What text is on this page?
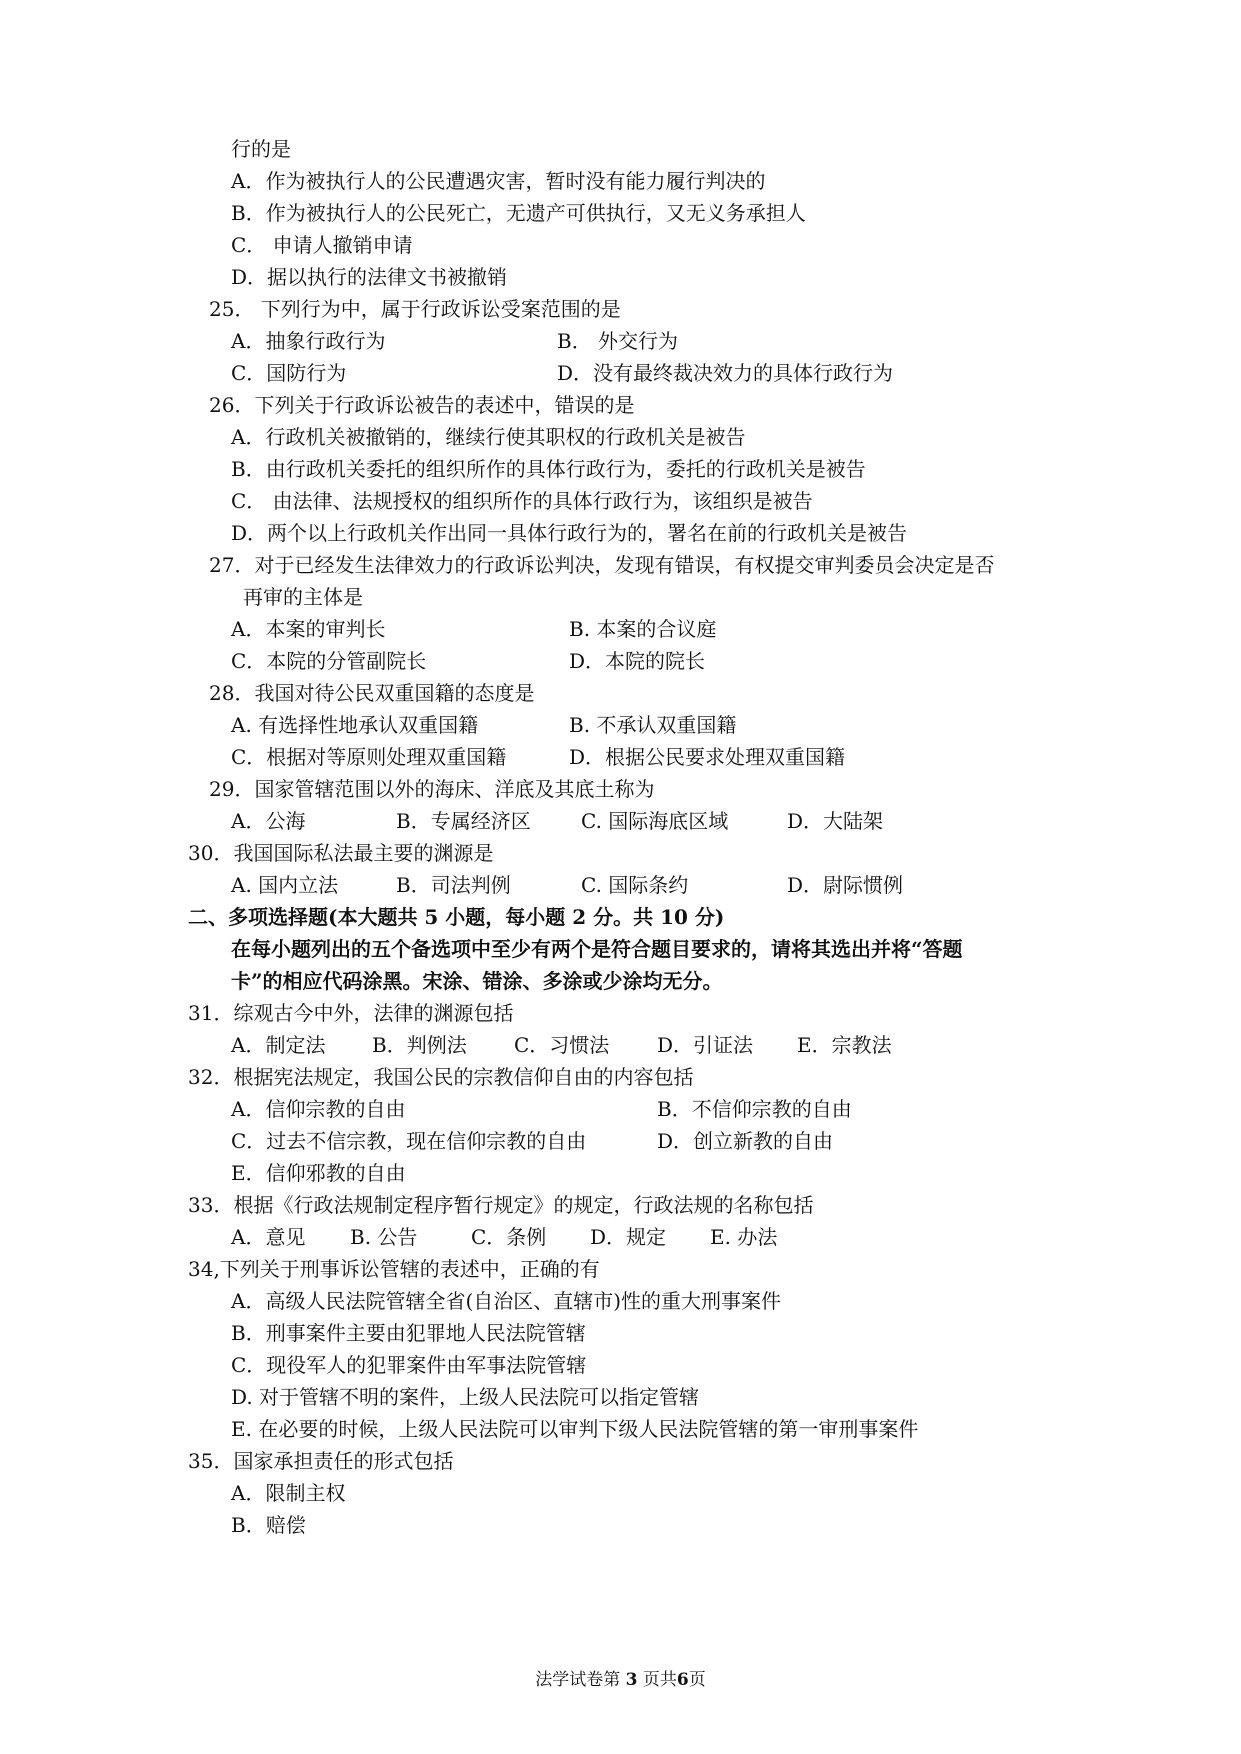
行的是
A．作为被执行人的公民遭遇灾害，暂时没有能力履行判决的
B．作为被执行人的公民死亡，无遗产可供执行，又无义务承担人
C． 申请人撤销申请
D．据以执行的法律文书被撤销
25． 下列行为中，属于行政诉讼受案范围的是
A．抽象行政行为	B． 外交行为
C．国防行为	D．没有最终裁决效力的具体行政行为
26．下列关于行政诉讼被告的表述中，错误的是
A．行政机关被撤销的，继续行使其职权的行政机关是被告
B．由行政机关委托的组织所作的具体行政行为，委托的行政机关是被告
C． 由法律、法规授权的组织所作的具体行政行为，该组织是被告
D．两个以上行政机关作出同一具体行政行为的，署名在前的行政机关是被告
27．对于已经发生法律效力的行政诉讼判决，发现有错误，有权提交审判委员会决定是否
再审的主体是
A．本案的审判长	B. 本案的合议庭
C．本院的分管副院长	D．本院的院长
28．我国对待公民双重国籍的态度是
A. 有选择性地承认双重国籍	B. 不承认双重国籍
C．根据对等原则处理双重国籍	D．根据公民要求处理双重国籍
29．国家管辖范围以外的海床、洋底及其底土称为
A．公海	B．专属经济区	C. 国际海底区域	D．大陆架
30．我国国际私法最主要的渊源是
A. 国内立法	B．司法判例	C. 国际条约	D．尉际惯例
二、多项选择题(本大题共 5 小题，每小题 2 分。共 10 分)
在每小题列出的五个备选项中至少有两个是符合题目要求的，请将其选出并将“答题
卡”的相应代码涂黑。宋涂、错涂、多涂或少涂均无分。
31．综观古今中外，法律的渊源包括
A．制定法 B．判例法 C．习惯法 D．引证法 E．宗教法
32．根据宪法规定，我国公民的宗教信仰自由的内容包括
A．信仰宗教的自由	B．不信仰宗教的自由
C．过去不信宗教，现在信仰宗教的自由	D．创立新教的自由
E．信仰邪教的自由
33．根据《行政法规制定程序暂行规定》的规定，行政法规的名称包括
A．意见 B. 公告	C．条例 D．规定 E. 办法
34,下列关于刑事诉讼管辖的表述中，正确的有
A．高级人民法院管辖全省(自治区、直辖市)性的重大刑事案件
B．刑事案件主要由犯罪地人民法院管辖
C．现役军人的犯罪案件由军事法院管辖
D. 对于管辖不明的案件，上级人民法院可以指定管辖
E. 在必要的时候，上级人民法院可以审判下级人民法院管辖的第一审刑事案件
35．国家承担责任的形式包括
A．限制主权
B．赔偿
法学试卷第 3 页共6页
